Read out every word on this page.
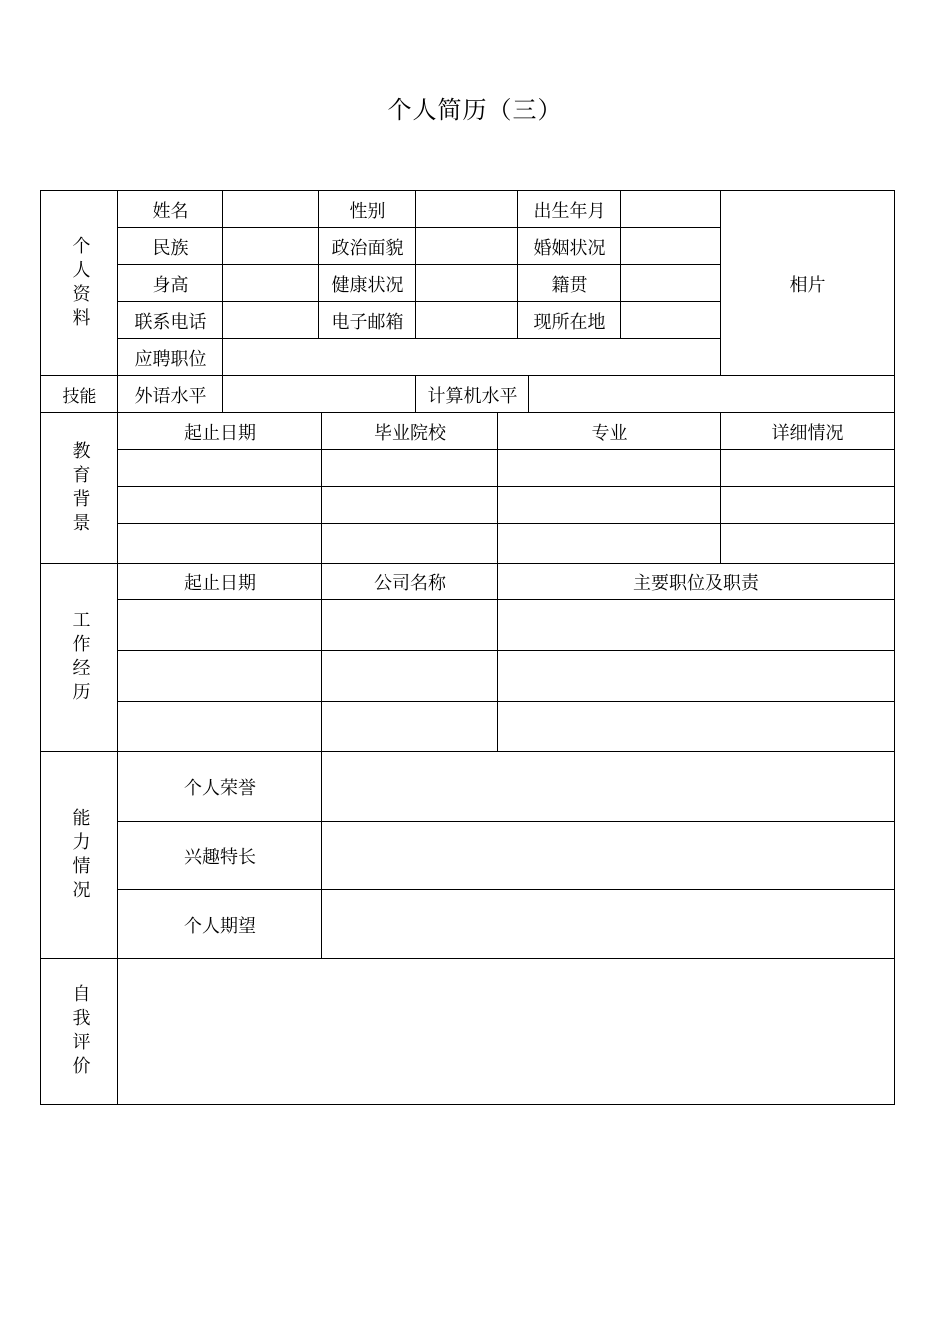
个人简历（三）
个人资料
姓名	性别	出生年月
民族	政治面貌	婚姻状况
身高	健康状况	籍贯
联系电话	电子邮箱	现所在地
应聘职位
相片
技能	外语水平	计算机水平
教育背景
起止日期	毕业院校	专业	详细情况
工作经历
起止日期	公司名称	主要职位及职责
能力情况
个人荣誉
兴趣特长
个人期望
自我评价
